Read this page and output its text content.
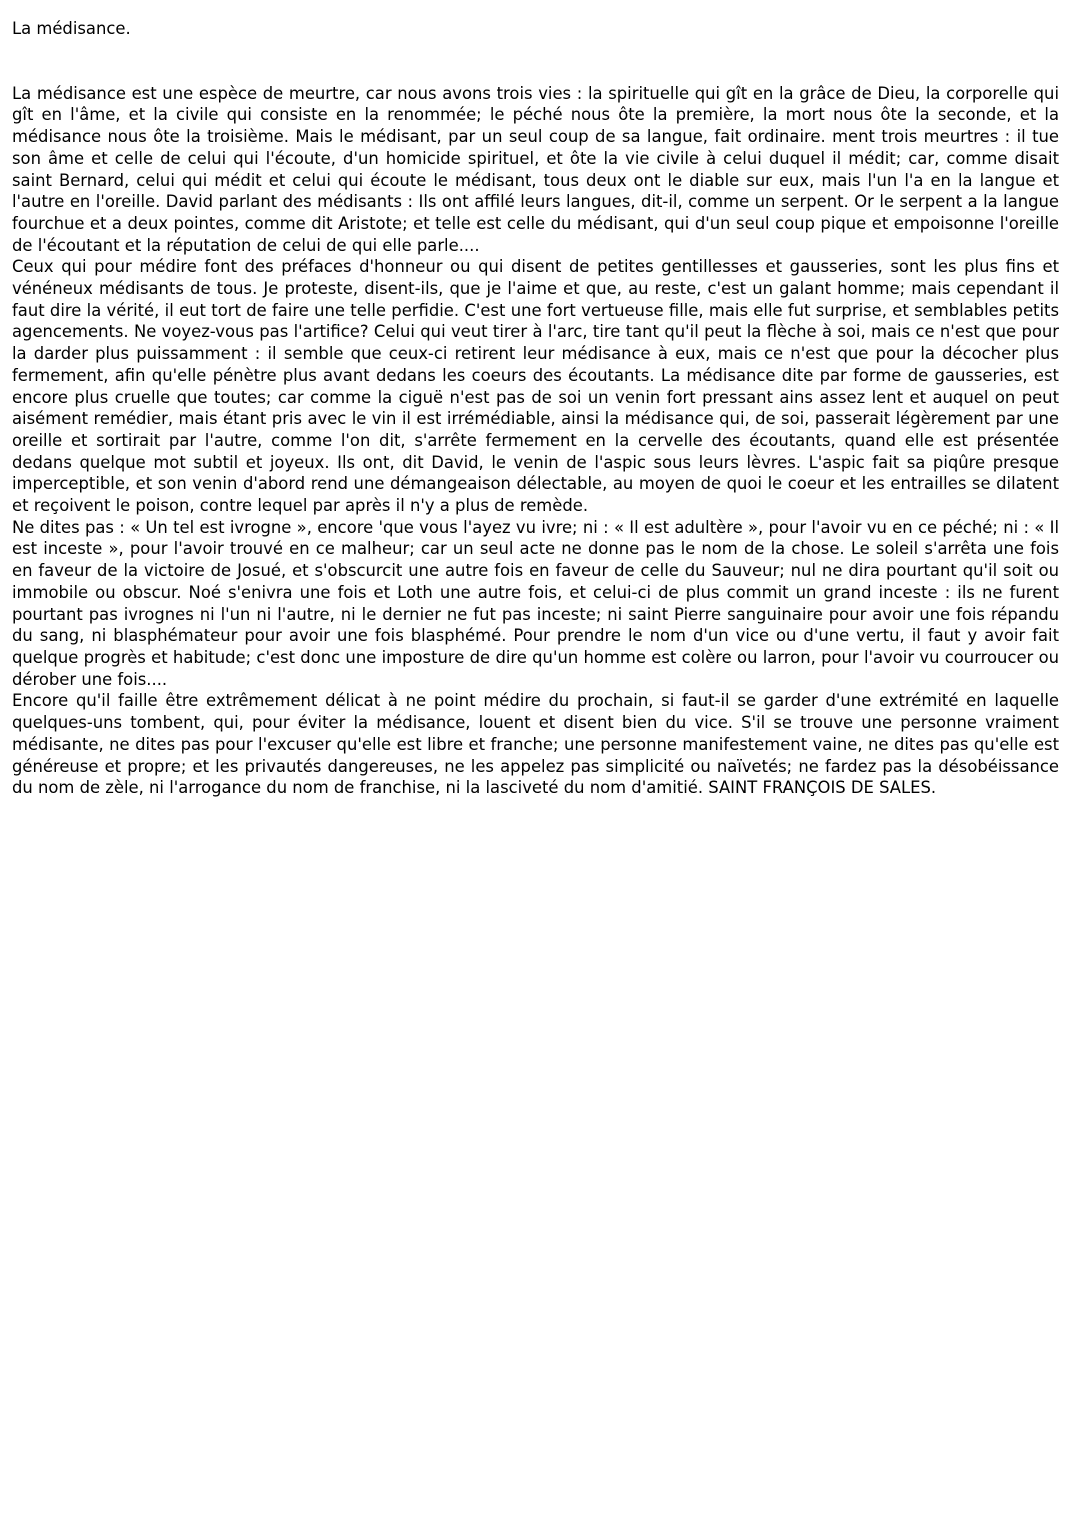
La médisance.

La médisance est une espèce de meurtre, car nous avons trois vies : la spirituelle qui gît en la grâce de Dieu, la corporelle qui gît en l'âme, et la civile qui consiste en la renommée; le péché nous ôte la première, la mort nous ôte la seconde, et la médisance nous ôte la troisième. Mais le médisant, par un seul coup de sa langue, fait ordinaire. ment trois meurtres : il tue son âme et celle de celui qui l'écoute, d'un homicide spirituel, et ôte la vie civile à celui duquel il médit; car, comme disait saint Bernard, celui qui médit et celui qui écoute le médisant, tous deux ont le diable sur eux, mais l'un l'a en la langue et l'autre en l'oreille. David parlant des médisants : Ils ont affilé leurs langues, dit-il, comme un serpent. Or le serpent a la langue fourchue et a deux pointes, comme dit Aristote; et telle est celle du médisant, qui d'un seul coup pique et empoisonne l'oreille de l'écoutant et la réputation de celui de qui elle parle....

Ceux qui pour médire font des préfaces d'honneur ou qui disent de petites gentillesses et gausseries, sont les plus fins et vénéneux médisants de tous. Je proteste, disent-ils, que je l'aime et que, au reste, c'est un galant homme; mais cependant il faut dire la vérité, il eut tort de faire une telle perfidie. C'est une fort vertueuse fille, mais elle fut surprise, et semblables petits agencements. Ne voyez-vous pas l'artifice? Celui qui veut tirer à l'arc, tire tant qu'il peut la flèche à soi, mais ce n'est que pour la darder plus puissamment : il semble que ceux-ci retirent leur médisance à eux, mais ce n'est que pour la décocher plus fermement, afin qu'elle pénètre plus avant dedans les coeurs des écoutants. La médisance dite par forme de gausseries, est encore plus cruelle que toutes; car comme la ciguë n'est pas de soi un venin fort pressant ains assez lent et auquel on peut aisément remédier, mais étant pris avec le vin il est irrémédiable, ainsi la médisance qui, de soi, passerait légèrement par une oreille et sortirait par l'autre, comme l'on dit, s'arrête fermement en la cervelle des écoutants, quand elle est présentée dedans quelque mot subtil et joyeux. Ils ont, dit David, le venin de l'aspic sous leurs lèvres. L'aspic fait sa piqûre presque imperceptible, et son venin d'abord rend une démangeaison délectable, au moyen de quoi le coeur et les entrailles se dilatent et reçoivent le poison, contre lequel par après il n'y a plus de remède.

Ne dites pas : « Un tel est ivrogne », encore 'que vous l'ayez vu ivre; ni : « Il est adultère », pour l'avoir vu en ce péché; ni : « Il est inceste », pour l'avoir trouvé en ce malheur; car un seul acte ne donne pas le nom de la chose. Le soleil s'arrêta une fois en faveur de la victoire de Josué, et s'obscurcit une autre fois en faveur de celle du Sauveur; nul ne dira pourtant qu'il soit ou immobile ou obscur. Noé s'enivra une fois et Loth une autre fois, et celui-ci de plus commit un grand inceste : ils ne furent pourtant pas ivrognes ni l'un ni l'autre, ni le dernier ne fut pas inceste; ni saint Pierre sanguinaire pour avoir une fois répandu du sang, ni blasphémateur pour avoir une fois blasphémé. Pour prendre le nom d'un vice ou d'une vertu, il faut y avoir fait quelque progrès et habitude; c'est donc une imposture de dire qu'un homme est colère ou larron, pour l'avoir vu courroucer ou dérober une fois....

Encore qu'il faille être extrêmement délicat à ne point médire du prochain, si faut-il se garder d'une extrémité en laquelle quelques-uns tombent, qui, pour éviter la médisance, louent et disent bien du vice. S'il se trouve une personne vraiment médisante, ne dites pas pour l'excuser qu'elle est libre et franche; une personne manifestement vaine, ne dites pas qu'elle est généreuse et propre; et les privautés dangereuses, ne les appelez pas simplicité ou naïvetés; ne fardez pas la désobéissance du nom de zèle, ni l'arrogance du nom de franchise, ni la lasciveté du nom d'amitié. SAINT FRANÇOIS DE SALES.
